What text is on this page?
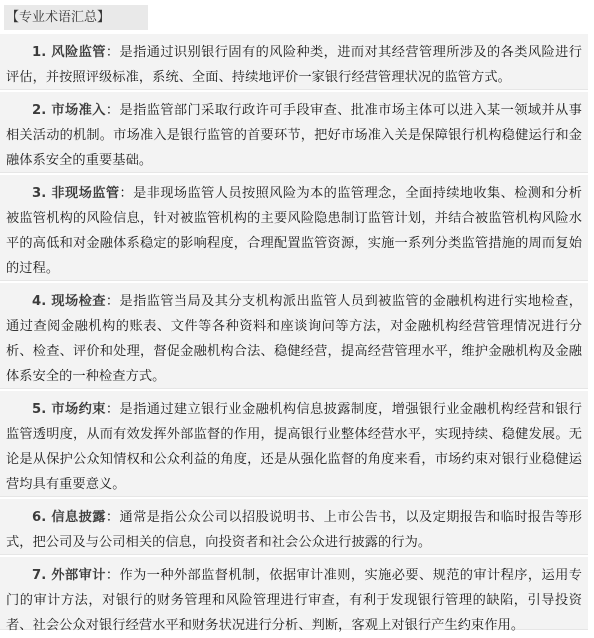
【专业术语汇总】

1. 风险监管：是指通过识别银行固有的风险种类，进而对其经营管理所涉及的各类风险进行评估，并按照评级标准，系统、全面、持续地评价一家银行经营管理状况的监管方式。

2. 市场准入：是指监管部门采取行政许可手段审查、批准市场主体可以进入某一领域并从事相关活动的机制。市场准入是银行监管的首要环节，把好市场准入关是保障银行机构稳健运行和金融体系安全的重要基础。

3. 非现场监管：是非现场监管人员按照风险为本的监管理念，全面持续地收集、检测和分析被监管机构的风险信息，针对被监管机构的主要风险隐患制订监管计划，并结合被监管机构风险水平的高低和对金融体系稳定的影响程度，合理配置监管资源，实施一系列分类监管措施的周而复始的过程。

4. 现场检查：是指监管当局及其分支机构派出监管人员到被监管的金融机构进行实地检查，通过查阅金融机构的账表、文件等各种资料和座谈询问等方法，对金融机构经营管理情况进行分析、检查、评价和处理，督促金融机构合法、稳健经营，提高经营管理水平，维护金融机构及金融体系安全的一种检查方式。

5. 市场约束：是指通过建立银行业金融机构信息披露制度，增强银行业金融机构经营和银行监管透明度，从而有效发挥外部监督的作用，提高银行业整体经营水平，实现持续、稳健发展。无论是从保护公众知情权和公众利益的角度，还是从强化监督的角度来看，市场约束对银行业稳健运营均具有重要意义。

6. 信息披露：通常是指公众公司以招股说明书、上市公告书，以及定期报告和临时报告等形式，把公司及与公司相关的信息，向投资者和社会公众进行披露的行为。

7. 外部审计：作为一种外部监督机制，依据审计准则，实施必要、规范的审计程序，运用专门的审计方法，对银行的财务管理和风险管理进行审查，有利于发现银行管理的缺陷，引导投资者、社会公众对银行经营水平和财务状况进行分析、判断，客观上对银行产生约束作用。
